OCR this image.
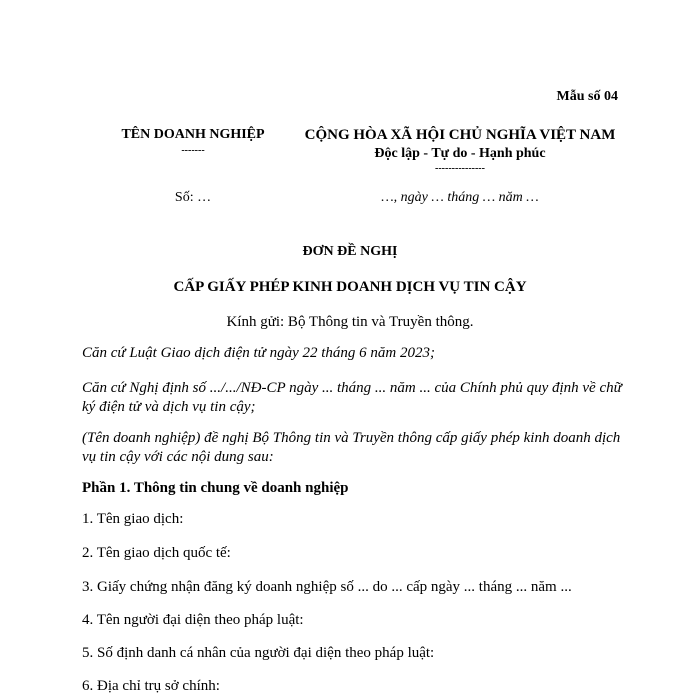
Mẫu số 04
TÊN DOANH NGHIỆP
-------
CỘNG HÒA XÃ HỘI CHỦ NGHĨA VIỆT NAM
Độc lập - Tự do - Hạnh phúc
---------------
Số: …	…, ngày … tháng … năm …
ĐƠN ĐỀ NGHỊ
CẤP GIẤY PHÉP KINH DOANH DỊCH VỤ TIN CẬY
Kính gửi: Bộ Thông tin và Truyền thông.
Căn cứ Luật Giao dịch điện tử ngày 22 tháng 6 năm 2023;
Căn cứ Nghị định số .../.../NĐ-CP ngày ... tháng ... năm ... của Chính phủ quy định về chữ ký điện tử và dịch vụ tin cậy;
(Tên doanh nghiệp) đề nghị Bộ Thông tin và Truyền thông cấp giấy phép kinh doanh dịch vụ tin cậy với các nội dung sau:
Phần 1. Thông tin chung về doanh nghiệp
1. Tên giao dịch:
2. Tên giao dịch quốc tế:
3. Giấy chứng nhận đăng ký doanh nghiệp số ... do ... cấp ngày ... tháng ... năm ...
4. Tên người đại diện theo pháp luật:
5. Số định danh cá nhân của người đại diện theo pháp luật:
6. Địa chỉ trụ sở chính:
